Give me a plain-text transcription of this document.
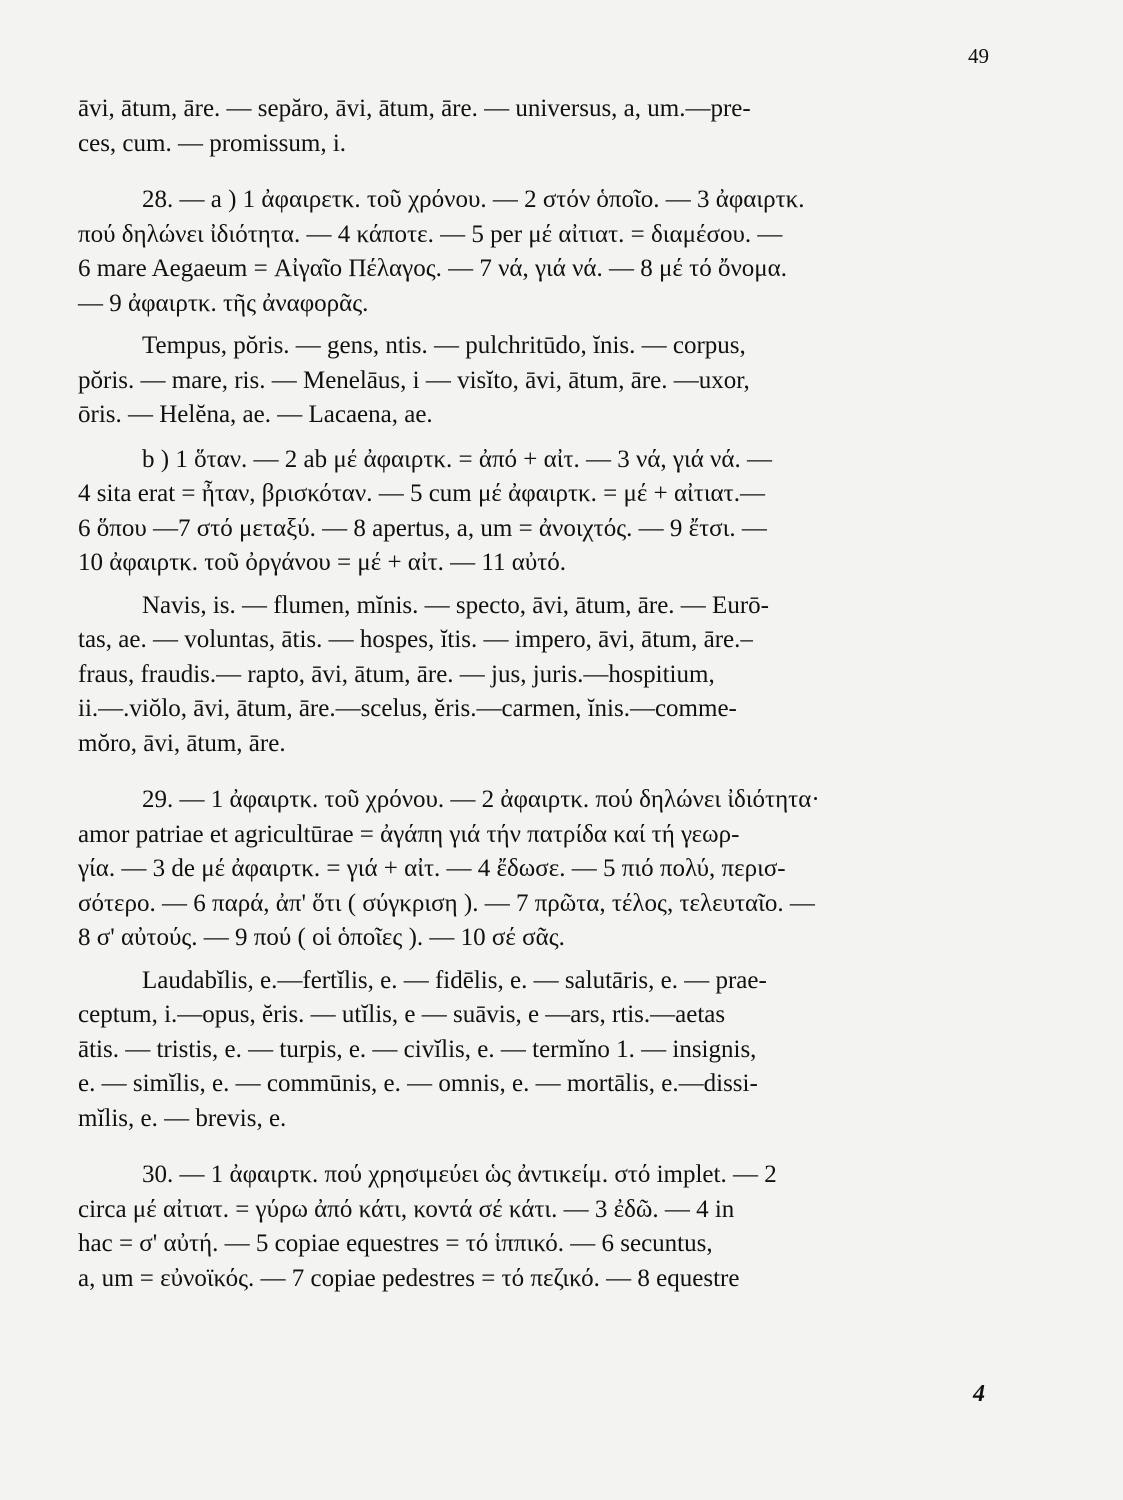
49
āvi, ātum, āre. — sepăro, āvi, ātum, āre. — universus, a, um.—pre-
ces, cum. — promissum, i.
28. — a ) 1 ἀφαιρετκ. τοῦ χρόνου. — 2 στόν ὁποῖο. — 3 ἀφαιρτκ.
πού δηλώνει ἰδιότητα. — 4 κάποτε. — 5 per μέ αἰτιατ. = διαμέσου. —
6 mare Aegaeum = Αἰγαῖο Πέλαγος. — 7 νά, γιά νά. — 8 μέ τό ὄνομα.
— 9 ἀφαιρτκ. τῆς ἀναφορᾶς.
Tempus, pŏris. — gens, ntis. — pulchritūdo, ĭnis. — corpus,
pŏris. — mare, ris. — Menelāus, i — visĭto, āvi, ātum, āre. —uxor,
ōris. — Helĕna, ae. — Lacaena, ae.
b ) 1 ὅταν. — 2 ab μέ ἀφαιρτκ. = ἀπό + αἰτ. — 3 νά, γιά νά. —
4 sita erat = ἦταν, βρισκόταν. — 5 cum μέ ἀφαιρτκ. = μέ + αἰτιατ.—
6 ὅπου —7 στό μεταξύ. — 8 apertus, a, um = ἀνοιχτός. — 9 ἔτσι. —
10 ἀφαιρτκ. τοῦ ὀργάνου = μέ + αἰτ. — 11 αὐτό.
Navis, is. — flumen, mĭnis. — specto, āvi, ātum, āre. — Eurō-
tas, ae. — voluntas, ātis. — hospes, ĭtis. — impero, āvi, ātum, āre.–
fraus, fraudis.— rapto, āvi, ātum, āre. — jus, juris.—hospitium,
ii.—.viŏlo, āvi, ātum, āre.—scelus, ĕris.—carmen, ĭnis.—comme-
mŏro, āvi, ātum, āre.
29. — 1 ἀφαιρτκ. τοῦ χρόνου. — 2 ἀφαιρτκ. πού δηλώνει ἰδιότητα·
amor patriae et agricultūrae = ἀγάπη γιά τήν πατρίδα καί τή γεωρ-
γία. — 3 de μέ ἀφαιρτκ. = γιά + αἰτ. — 4 ἔδωσε. — 5 πιό πολύ, περισ-
σότερο. — 6 παρά, ἀπ' ὅτι ( σύγκριση ). — 7 πρῶτα, τέλος, τελευταῖο. —
8 σ' αὐτούς. — 9 πού ( οἱ ὁποῖες ). — 10 σέ σᾶς.
Laudabĭlis, e.—fertĭlis, e. — fidēlis, e. — salutāris, e. — prae-
ceptum, i.—opus, ĕris. — utĭlis, e — suāvis, e —ars, rtis.—aetas
ātis. — tristis, e. — turpis, e. — civĭlis, e. — termĭno 1. — insignis,
e. — simĭlis, e. — commūnis, e. — omnis, e. — mortālis, e.—dissi-
mĭlis, e. — brevis, e.
30. — 1 ἀφαιρτκ. πού χρησιμεύει ὡς ἀντικείμ. στό implet. — 2
circa μέ αἰτιατ. = γύρω ἀπό κάτι, κοντά σέ κάτι. — 3 ἐδῶ. — 4 in
hac = σ' αὐτή. — 5 copiae equestres = τό ἱππικό. — 6 secuntus,
a, um = εὐνοϊκός. — 7 copiae pedestres = τό πεζικό. — 8 equestre
4
